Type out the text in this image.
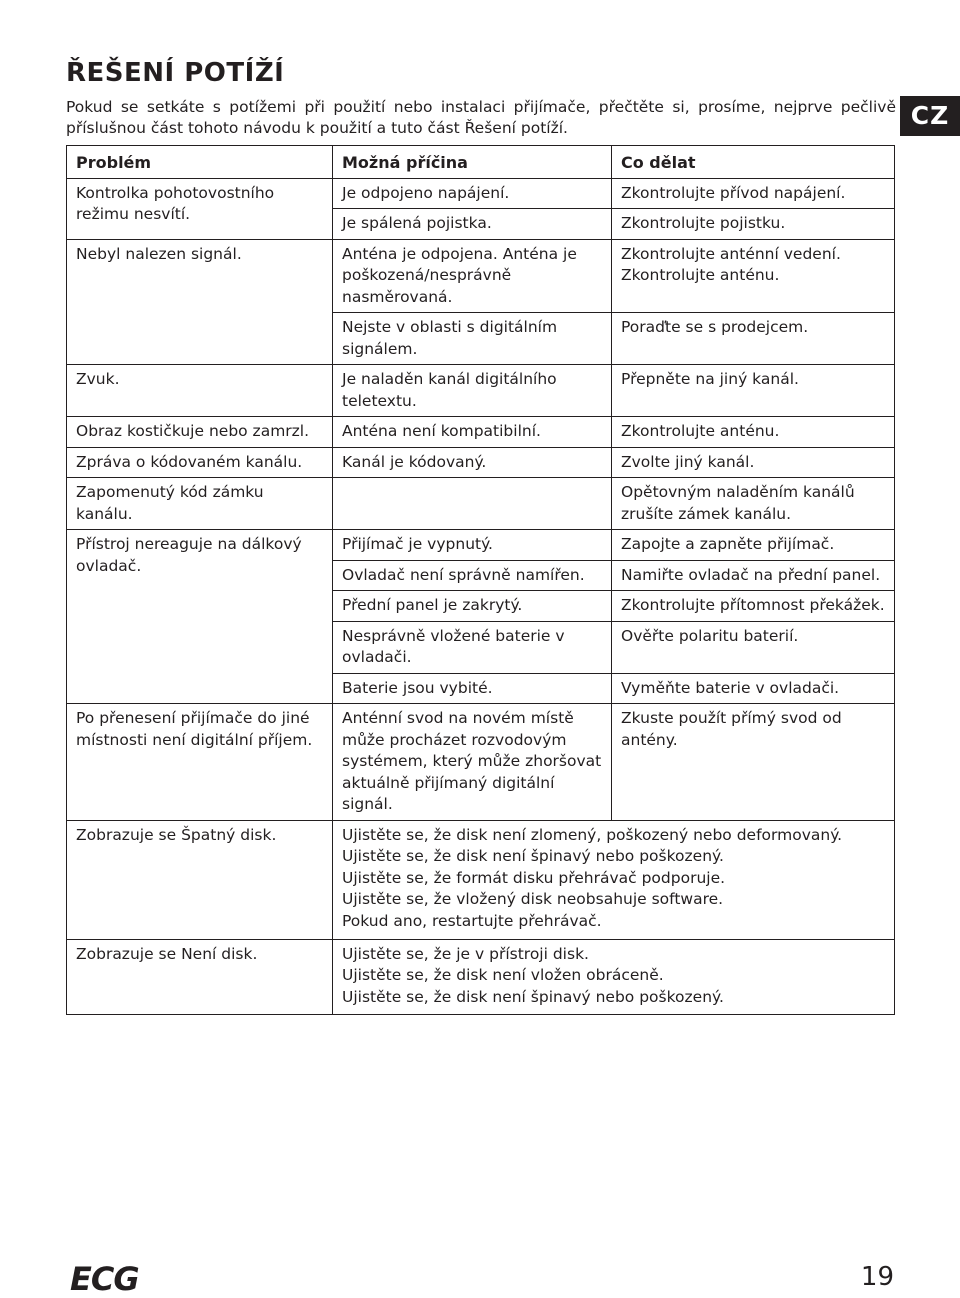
ŘEŠENÍ POTÍŽÍ

Pokud se setkáte s potížemi při použití nebo instalaci přijímače, přečtěte si, prosíme, nejprve pečlivě příslušnou část tohoto návodu k použití a tuto část Řešení potíží.	CZ
Problém	Možná příčina	Co dělat
Kontrolka pohotovostního režimu nesvítí.	Je odpojeno napájení.	Zkontrolujte přívod napájení.
	Je spálená pojistka.	Zkontrolujte pojistku.
Nebyl nalezen signál.	Anténa je odpojena. Anténa je poškozená/nesprávně nasměrovaná.	Zkontrolujte anténní vedení.
Zkontrolujte anténu.

	Nejste v oblasti s digitálním signálem.	Poraďte se s prodejcem.
Zvuk.	Je naladěn kanál digitálního teletextu.	Přepněte na jiný kanál.
Obraz kostičkuje nebo zamrzl.	Anténa není kompatibilní.	Zkontrolujte anténu.
Zpráva o kódovaném kanálu.	Kanál je kódovaný.	Zvolte jiný kanál.
Zapomenutý kód zámku kanálu.		Opětovným naladěním kanálů zrušíte zámek kanálu.
Přístroj nereaguje na dálkový ovladač.	Přijímač je vypnutý.	Zapojte a zapněte přijímač.
	Ovladač není správně namířen.	Namiřte ovladač na přední panel.
	Přední panel je zakrytý.	Zkontrolujte přítomnost překážek.
	Nesprávně vložené baterie v ovladači.	Ověřte polaritu baterií.
	Baterie jsou vybité.	Vyměňte baterie v ovladači.
Po přenesení přijímače do jiné místnosti není digitální příjem.	Anténní svod na novém místě může procházet rozvodovým systémem, který může zhoršovat aktuálně přijímaný digitální signál.	Zkuste použít přímý svod od antény.
Zobrazuje se Špatný disk.	Ujistěte se, že disk není zlomený, poškozený nebo deformovaný.
Ujistěte se, že disk není špinavý nebo poškozený.
Ujistěte se, že formát disku přehrávač podporuje.
Ujistěte se, že vložený disk neobsahuje software.
Pokud ano, restartujte přehrávač.	

Zobrazuje se Není disk.	Ujistěte se, že je v přístroji disk.
Ujistěte se, že disk není vložen obráceně.
Ujistěte se, že disk není špinavý nebo poškozený.	
ECG	19
